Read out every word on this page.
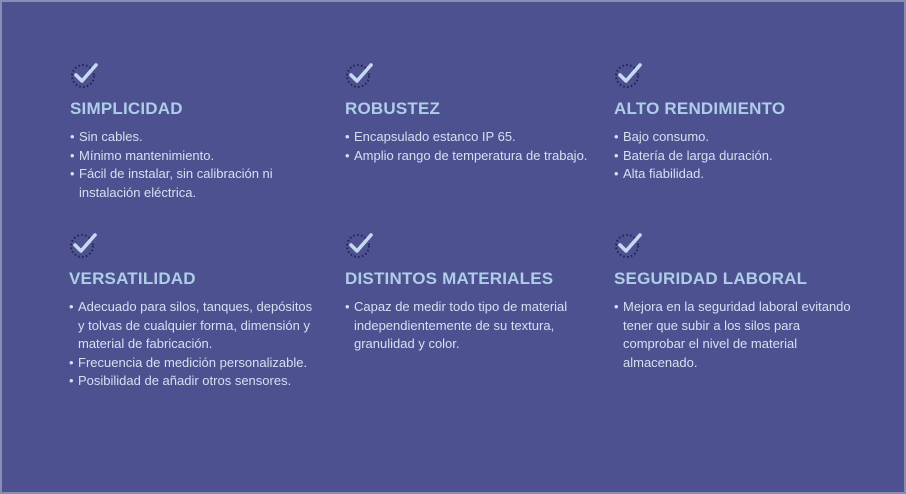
SIMPLICIDAD
• Sin cables.
• Mínimo mantenimiento.
• Fácil de instalar, sin calibración ni instalación eléctrica.
ROBUSTEZ
• Encapsulado estanco IP 65.
• Amplio rango de temperatura de trabajo.
ALTO RENDIMIENTO
• Bajo consumo.
• Batería de larga duración.
• Alta fiabilidad.
VERSATILIDAD
• Adecuado para silos, tanques, depósitos y tolvas de cualquier forma, dimensión y material de fabricación.
• Frecuencia de medición personalizable.
• Posibilidad de añadir otros sensores.
DISTINTOS MATERIALES
• Capaz de medir todo tipo de material independientemente de su textura, granulidad y color.
SEGURIDAD LABORAL
• Mejora en la seguridad laboral evitando tener que subir a los silos para comprobar el nivel de material almacenado.
